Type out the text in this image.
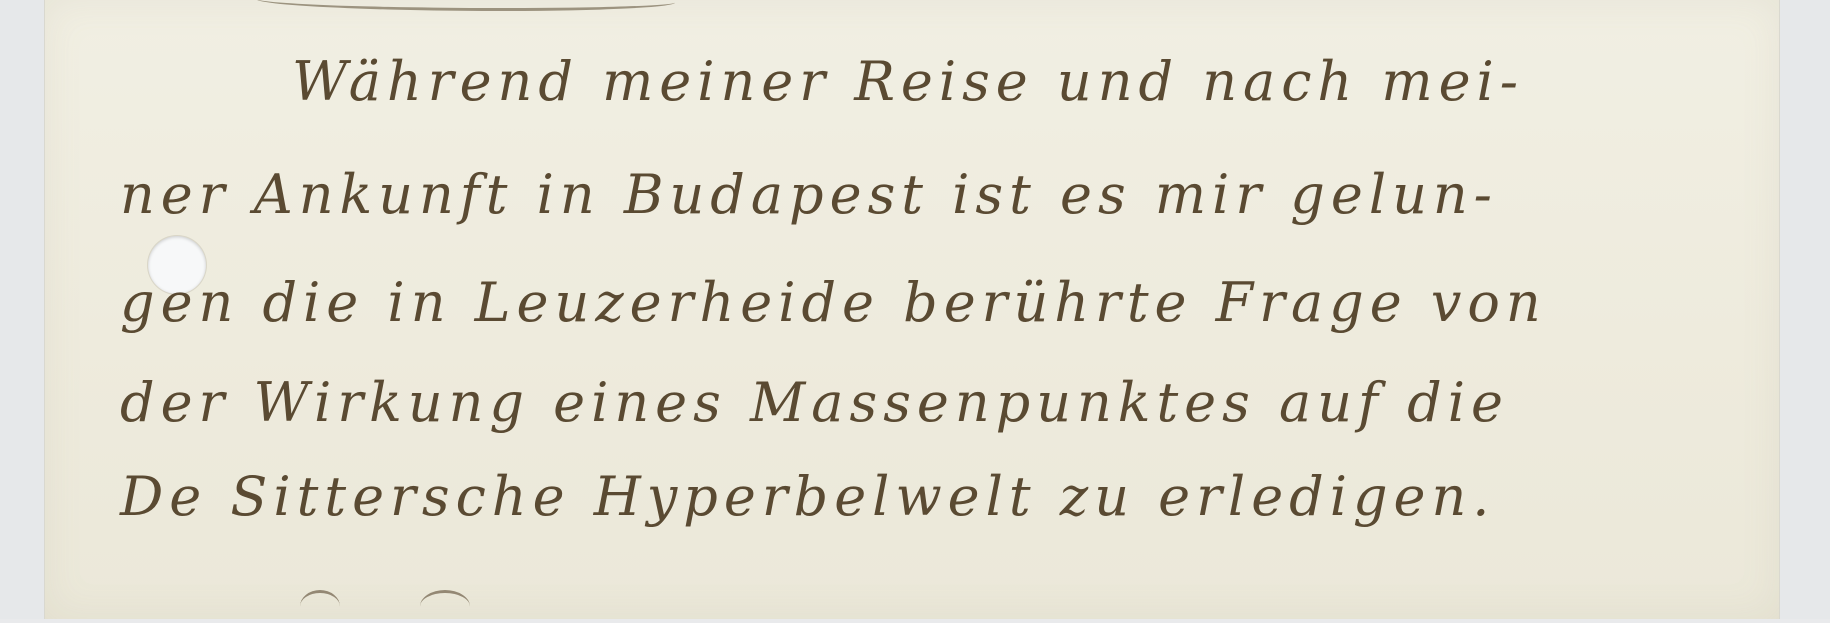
Während meiner Reise und nach mei-

ner Ankunft in Budapest ist es mir gelun-

gen die in Leuzerheide berührte Frage von

der Wirkung eines Massenpunktes auf die

De Sittersche Hyperbelwelt zu erledigen.
